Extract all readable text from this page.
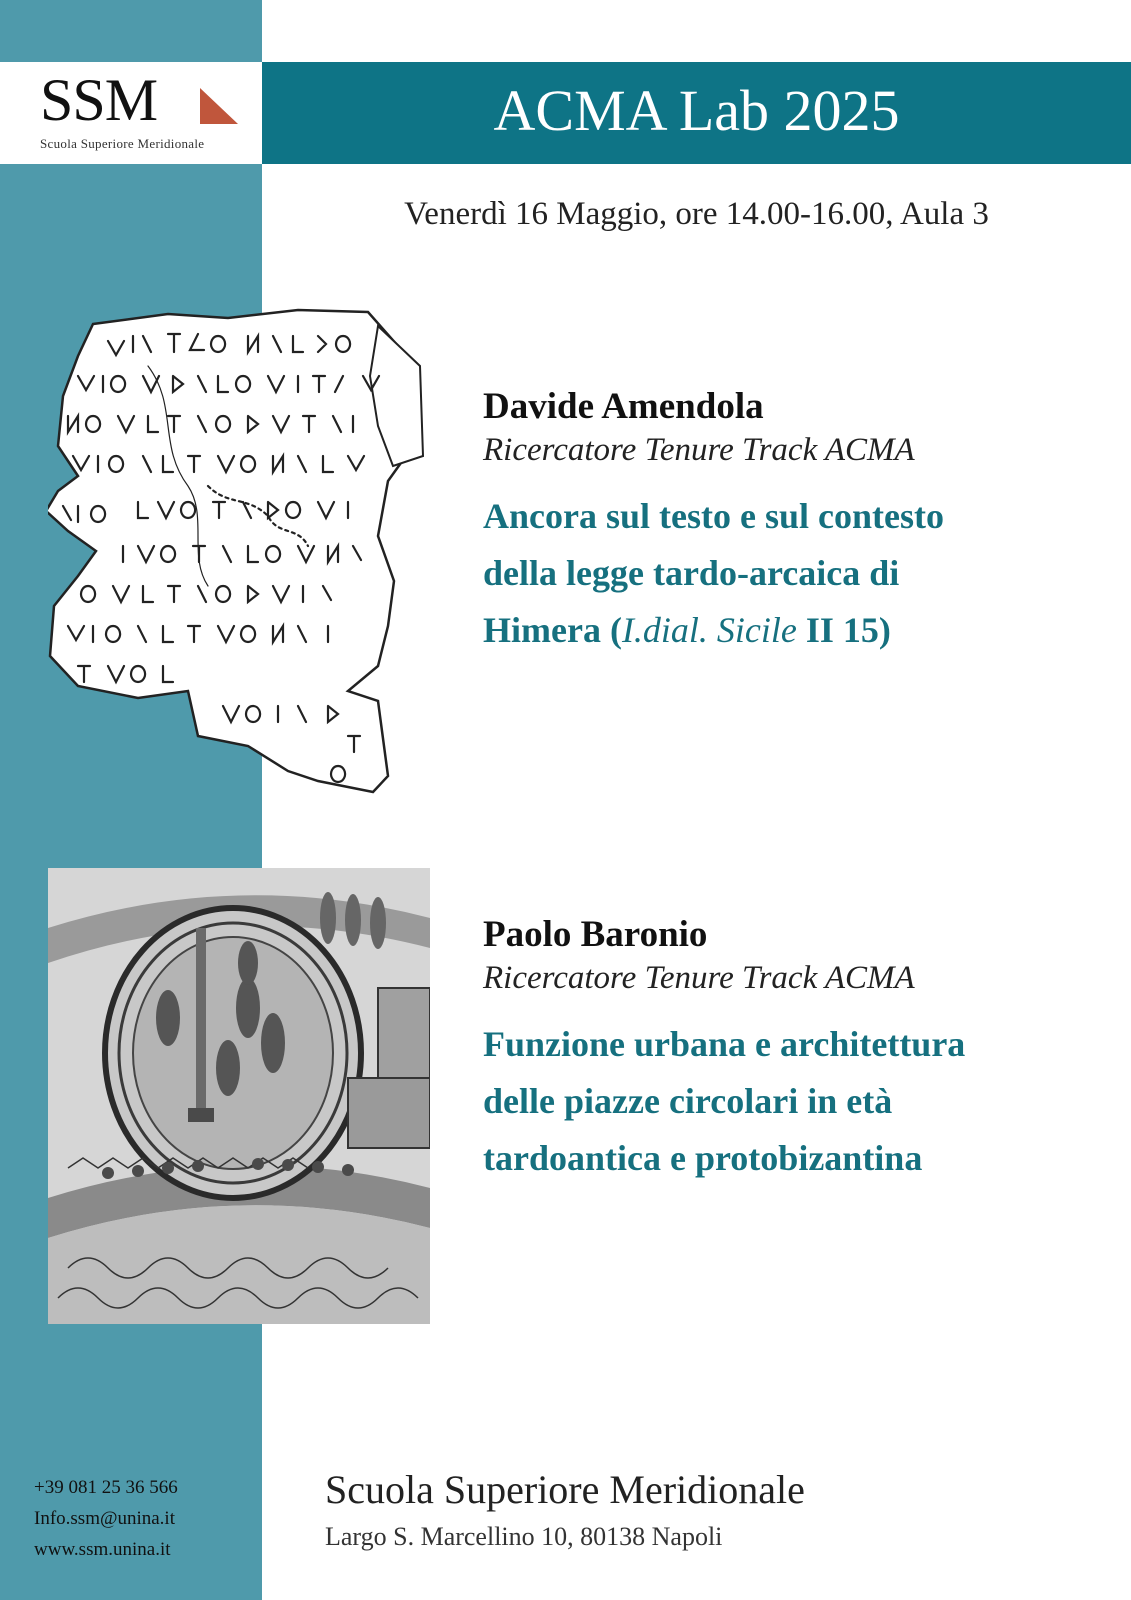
SSM
Scuola Superiore Meridionale
ACMA Lab 2025
Venerdì 16 Maggio, ore 14.00-16.00, Aula 3
Davide Amendola
Ricercatore Tenure Track ACMA
Ancora sul testo e sul contesto
della legge tardo-arcaica di
Himera (I.dial. Sicile II 15)
Paolo Baronio
Ricercatore Tenure Track ACMA
Funzione urbana e architettura
delle piazze circolari in età
tardoantica e protobizantina
+39 081 25 36 566
Info.ssm@unina.it
www.ssm.unina.it
Scuola Superiore Meridionale
Largo S. Marcellino 10, 80138 Napoli
